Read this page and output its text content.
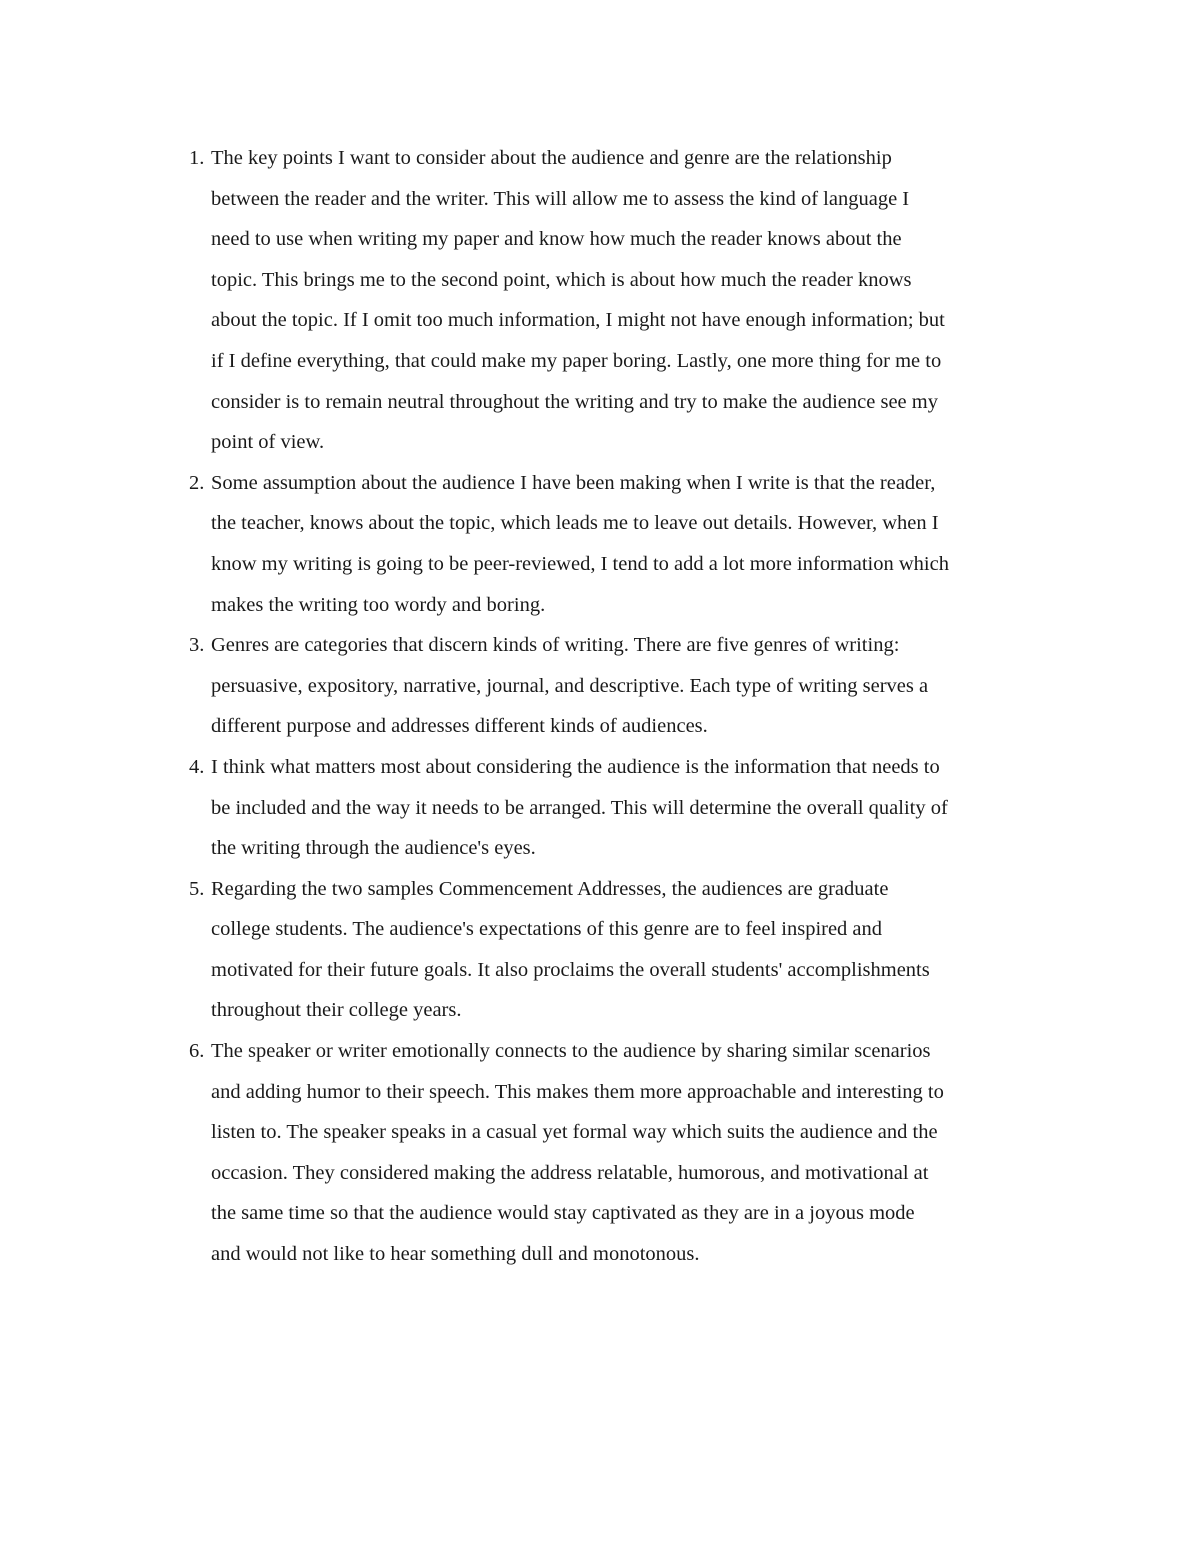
1. The key points I want to consider about the audience and genre are the relationship
between the reader and the writer. This will allow me to assess the kind of language I
need to use when writing my paper and know how much the reader knows about the
topic. This brings me to the second point, which is about how much the reader knows
about the topic. If I omit too much information, I might not have enough information; but
if I define everything, that could make my paper boring. Lastly, one more thing for me to
consider is to remain neutral throughout the writing and try to make the audience see my
point of view.
2. Some assumption about the audience I have been making when I write is that the reader,
the teacher, knows about the topic, which leads me to leave out details. However, when I
know my writing is going to be peer-reviewed, I tend to add a lot more information which
makes the writing too wordy and boring.
3. Genres are categories that discern kinds of writing. There are five genres of writing:
persuasive, expository, narrative, journal, and descriptive. Each type of writing serves a
different purpose and addresses different kinds of audiences.
4. I think what matters most about considering the audience is the information that needs to
be included and the way it needs to be arranged. This will determine the overall quality of
the writing through the audience's eyes.
5. Regarding the two samples Commencement Addresses, the audiences are graduate
college students. The audience's expectations of this genre are to feel inspired and
motivated for their future goals. It also proclaims the overall students' accomplishments
throughout their college years.
6. The speaker or writer emotionally connects to the audience by sharing similar scenarios
and adding humor to their speech. This makes them more approachable and interesting to
listen to. The speaker speaks in a casual yet formal way which suits the audience and the
occasion. They considered making the address relatable, humorous, and motivational at
the same time so that the audience would stay captivated as they are in a joyous mode
and would not like to hear something dull and monotonous.
